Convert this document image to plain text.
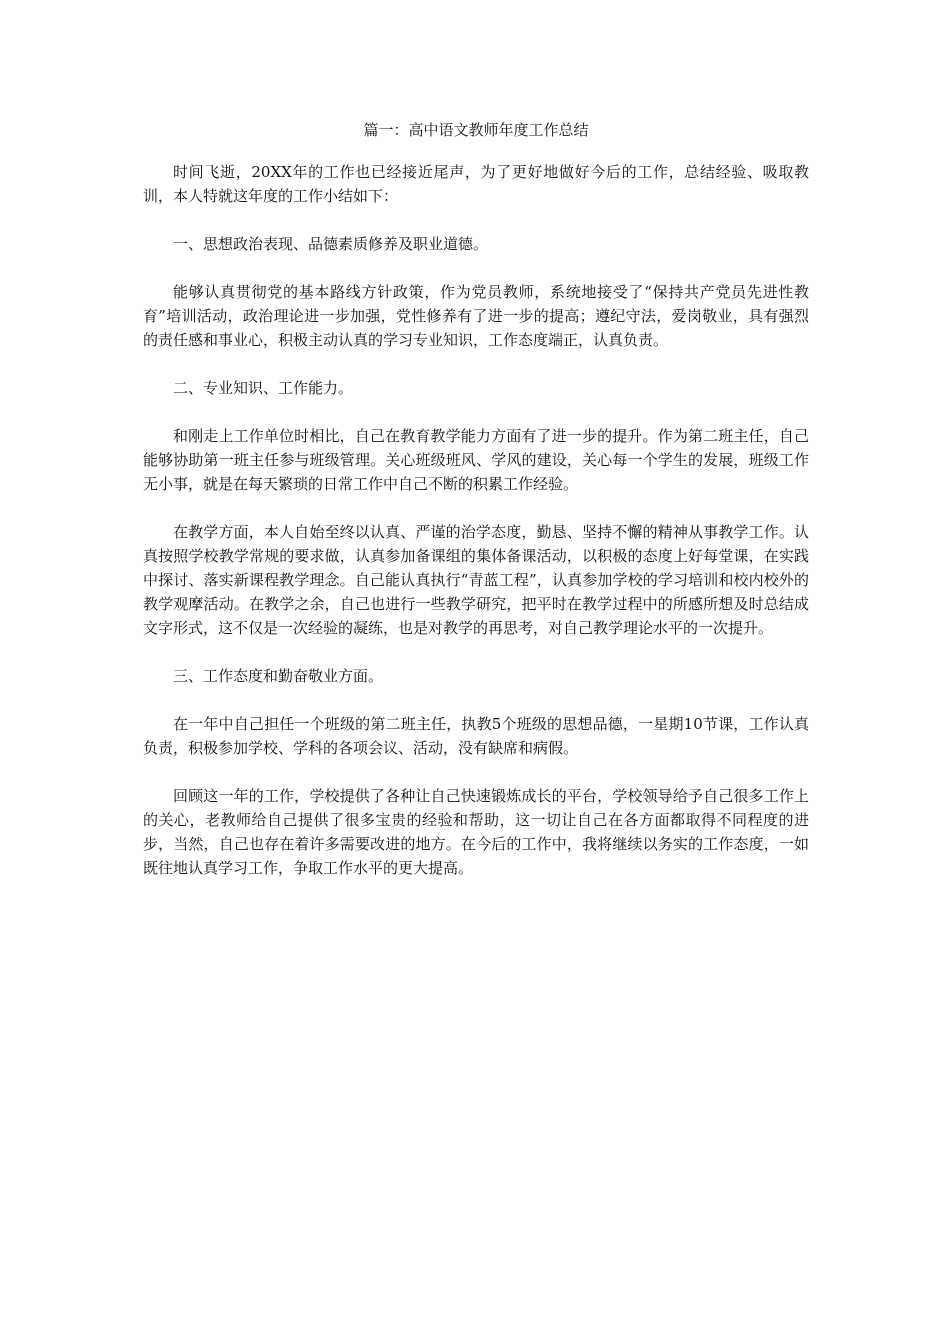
篇一：高中语文教师年度工作总结

时间飞逝，20XX年的工作也已经接近尾声，为了更好地做好今后的工作，总结经验、吸取教训，本人特就这年度的工作小结如下：

一、思想政治表现、品德素质修养及职业道德。

能够认真贯彻党的基本路线方针政策，作为党员教师，系统地接受了“保持共产党员先进性教育”培训活动，政治理论进一步加强，党性修养有了进一步的提高；遵纪守法，爱岗敬业，具有强烈的责任感和事业心，积极主动认真的学习专业知识，工作态度端正，认真负责。

二、专业知识、工作能力。

和刚走上工作单位时相比，自己在教育教学能力方面有了进一步的提升。作为第二班主任，自己能够协助第一班主任参与班级管理。关心班级班风、学风的建设，关心每一个学生的发展，班级工作无小事，就是在每天繁琐的日常工作中自己不断的积累工作经验。

在教学方面，本人自始至终以认真、严谨的治学态度，勤恳、坚持不懈的精神从事教学工作。认真按照学校教学常规的要求做，认真参加备课组的集体备课活动，以积极的态度上好每堂课，在实践中探讨、落实新课程教学理念。自己能认真执行“青蓝工程”，认真参加学校的学习培训和校内校外的教学观摩活动。在教学之余，自己也进行一些教学研究，把平时在教学过程中的所感所想及时总结成文字形式，这不仅是一次经验的凝练，也是对教学的再思考，对自己教学理论水平的一次提升。

三、工作态度和勤奋敬业方面。

在一年中自己担任一个班级的第二班主任，执教5个班级的思想品德，一星期10节课，工作认真负责，积极参加学校、学科的各项会议、活动，没有缺席和病假。

回顾这一年的工作，学校提供了各种让自己快速锻炼成长的平台，学校领导给予自己很多工作上的关心，老教师给自己提供了很多宝贵的经验和帮助，这一切让自己在各方面都取得不同程度的进步，当然，自己也存在着许多需要改进的地方。在今后的工作中，我将继续以务实的工作态度，一如既往地认真学习工作，争取工作水平的更大提高。
